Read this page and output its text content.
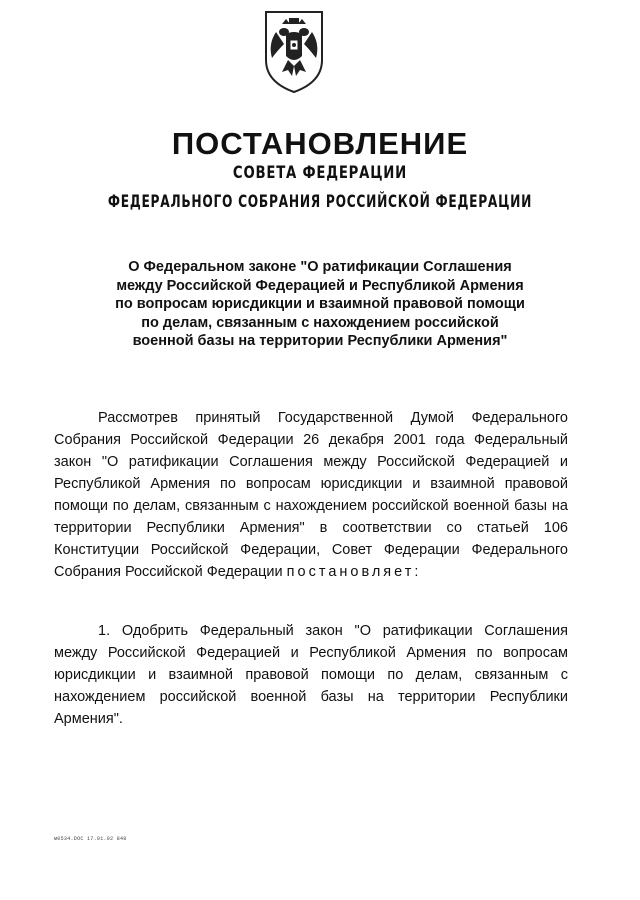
ПОСТАНОВЛЕНИЕ
СОВЕТА ФЕДЕРАЦИИ
ФЕДЕРАЛЬНОГО СОБРАНИЯ РОССИЙСКОЙ ФЕДЕРАЦИИ
О Федеральном законе "О ратификации Соглашения
между Российской Федерацией и Республикой Армения
по вопросам юрисдикции и взаимной правовой помощи
по делам, связанным с нахождением российской
военной базы на территории Республики Армения"
Рассмотрев принятый Государственной Думой Федерального Собрания Российской Федерации 26 декабря 2001 года Федеральный закон "О ратификации Соглашения между Российской Федерацией и Республикой Армения по вопросам юрисдикции и взаимной правовой помощи по делам, связанным с нахождением российской военной базы на территории Республики Армения" в соответствии со статьей 106 Конституции Российской Федерации, Совет Федерации Федерального Собрания Российской Федерации постановляет:
1. Одобрить Федеральный закон "О ратификации Соглашения между Российской Федерацией и Республикой Армения по вопросам юрисдикции и взаимной правовой помощи по делам, связанным с нахождением российской военной базы на территории Республики Армения".
м0534.DOC 17.01.02 848
